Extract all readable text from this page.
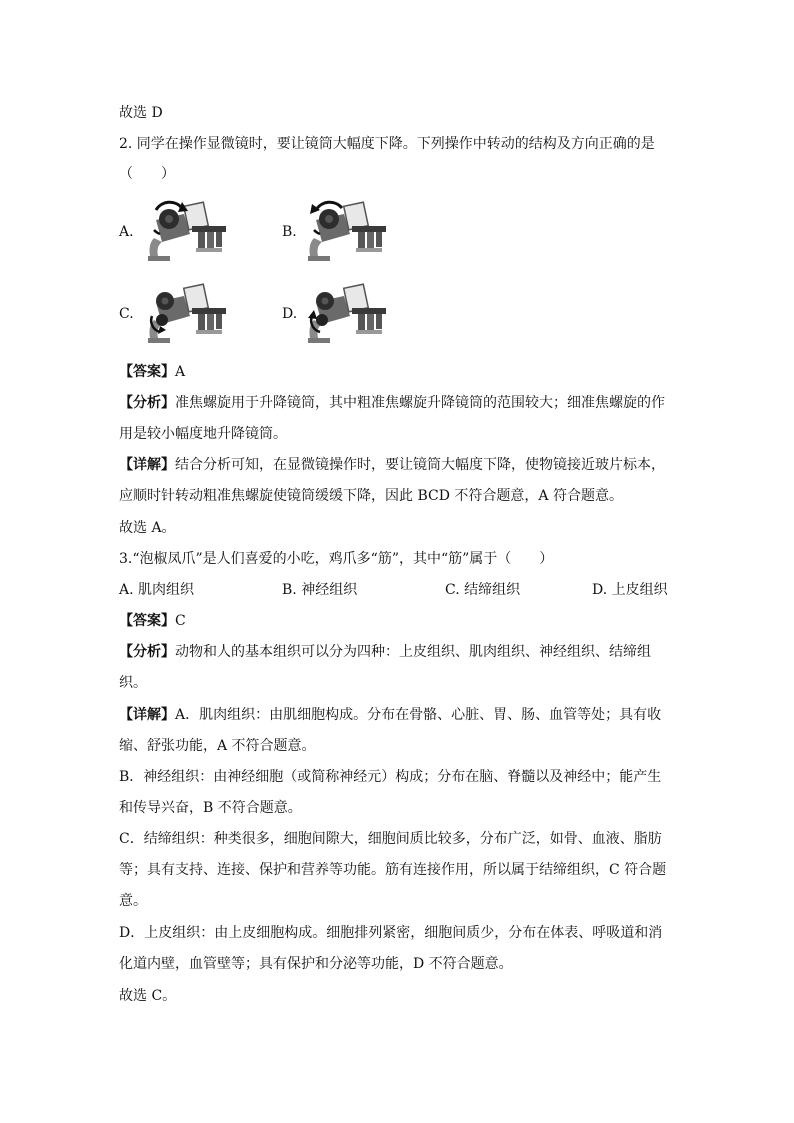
故选 D
2. 同学在操作显微镜时，要让镜筒大幅度下降。下列操作中转动的结构及方向正确的是
（　　）
A.	B.
C.	D.
【答案】A
【分析】准焦螺旋用于升降镜筒，其中粗准焦螺旋升降镜筒的范围较大；细准焦螺旋的作用是较小幅度地升降镜筒。
【详解】结合分析可知，在显微镜操作时，要让镜筒大幅度下降，使物镜接近玻片标本，应顺时针转动粗准焦螺旋使镜筒缓缓下降，因此 BCD 不符合题意，A 符合题意。
故选 A。
3.“泡椒凤爪”是人们喜爱的小吃，鸡爪多“筋”，其中“筋”属于（　　）
A. 肌肉组织	B. 神经组织	C. 结缔组织	D. 上皮组织
【答案】C
【分析】动物和人的基本组织可以分为四种：上皮组织、肌肉组织、神经组织、结缔组织。
【详解】A．肌肉组织：由肌细胞构成。分布在骨骼、心脏、胃、肠、血管等处；具有收缩、舒张功能，A 不符合题意。
B．神经组织：由神经细胞（或简称神经元）构成；分布在脑、脊髓以及神经中；能产生和传导兴奋，B 不符合题意。
C．结缔组织：种类很多，细胞间隙大，细胞间质比较多，分布广泛，如骨、血液、脂肪等；具有支持、连接、保护和营养等功能。筋有连接作用，所以属于结缔组织，C 符合题意。
D．上皮组织：由上皮细胞构成。细胞排列紧密，细胞间质少，分布在体表、呼吸道和消化道内壁，血管壁等；具有保护和分泌等功能，D 不符合题意。
故选 C。
